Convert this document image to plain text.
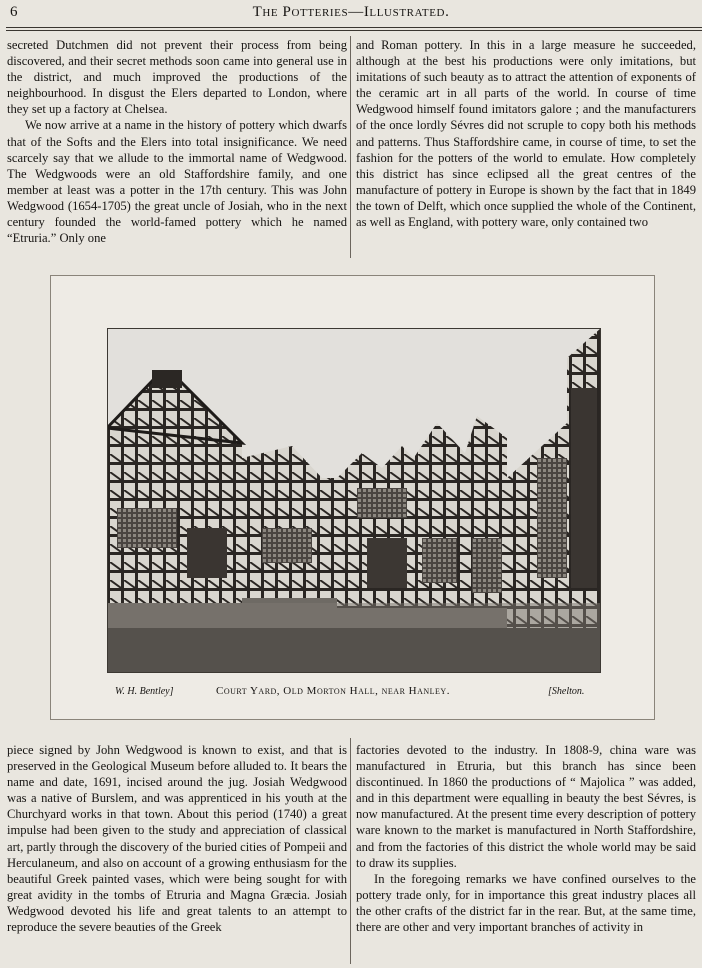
6	The Potteries—Illustrated.

secreted Dutchmen did not prevent their process from being discovered, and their secret methods soon came into general use in the district, and much improved the productions of the neighbourhood. In disgust the Elers departed to London, where they set up a factory at Chelsea.

We now arrive at a name in the history of pottery which dwarfs that of the Softs and the Elers into total insignificance. We need scarcely say that we allude to the immortal name of Wedgwood. The Wedgwoods were an old Staffordshire family, and one member at least was a potter in the 17th century. This was John Wedgwood (1654-1705) the great uncle of Josiah, who in the next century founded the world-famed pottery which he named “Etruria.” Only one

and Roman pottery. In this in a large measure he succeeded, although at the best his productions were only imitations, but imitations of such beauty as to attract the attention of exponents of the ceramic art in all parts of the world. In course of time Wedgwood himself found imitators galore ; and the manufacturers of the once lordly Sévres did not scruple to copy both his methods and patterns. Thus Staffordshire came, in course of time, to set the fashion for the potters of the world to emulate. How completely this district has since eclipsed all the great centres of the manufacture of pottery in Europe is shown by the fact that in 1849 the town of Delft, which once supplied the whole of the Continent, as well as England, with pottery ware, only contained two

W. H. Bentley]	Court Yard, Old Morton Hall, near Hanley.	[Shelton.

piece signed by John Wedgwood is known to exist, and that is preserved in the Geological Museum before alluded to. It bears the name and date, 1691, incised around the jug. Josiah Wedgwood was a native of Burslem, and was apprenticed in his youth at the Churchyard works in that town. About this period (1740) a great impulse had been given to the study and appreciation of classical art, partly through the discovery of the buried cities of Pompeii and Herculaneum, and also on account of a growing enthusiasm for the beautiful Greek painted vases, which were being sought for with great avidity in the tombs of Etruria and Magna Græcia. Josiah Wedgwood devoted his life and great talents to an attempt to reproduce the severe beauties of the Greek

factories devoted to the industry. In 1808-9, china ware was manufactured in Etruria, but this branch has since been discontinued. In 1860 the productions of “ Majolica ” was added, and in this department were equalling in beauty the best Sévres, is now manufactured. At the present time every description of pottery ware known to the market is manufactured in North Staffordshire, and from the factories of this district the whole world may be said to draw its supplies.

In the foregoing remarks we have confined ourselves to the pottery trade only, for in importance this great industry places all the other crafts of the district far in the rear. But, at the same time, there are other and very important branches of activity in
